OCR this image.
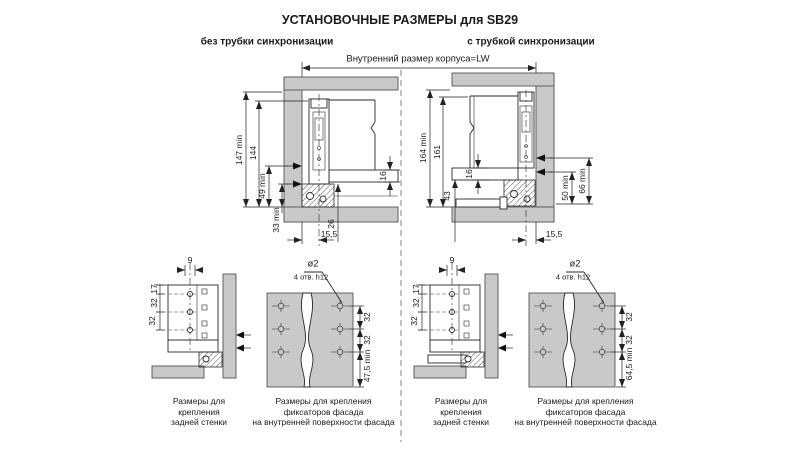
УСТАНОВОЧНЫЕ РАЗМЕРЫ для SB29
без трубки синхронизации	с трубкой синхронизации
Внутренний размер корпуса=LW
147 min 144
49 min
33 min
16
26
15,5
164 min 161
16
43	50 min 66 min
15,5
9
17
32
32
ø2
4 отв. h12
32
32
47,5 min
9
17
32
32
ø2
4 отв. h12
32
32
64,5 min
Размеры для
крепления
задней стенки
Размеры для крепления
фиксаторов фасада
на внутренней поверхности фасада
Размеры для
крепления
задней стенки
Размеры для крепления
фиксаторов фасада
на внутренней поверхности фасада
